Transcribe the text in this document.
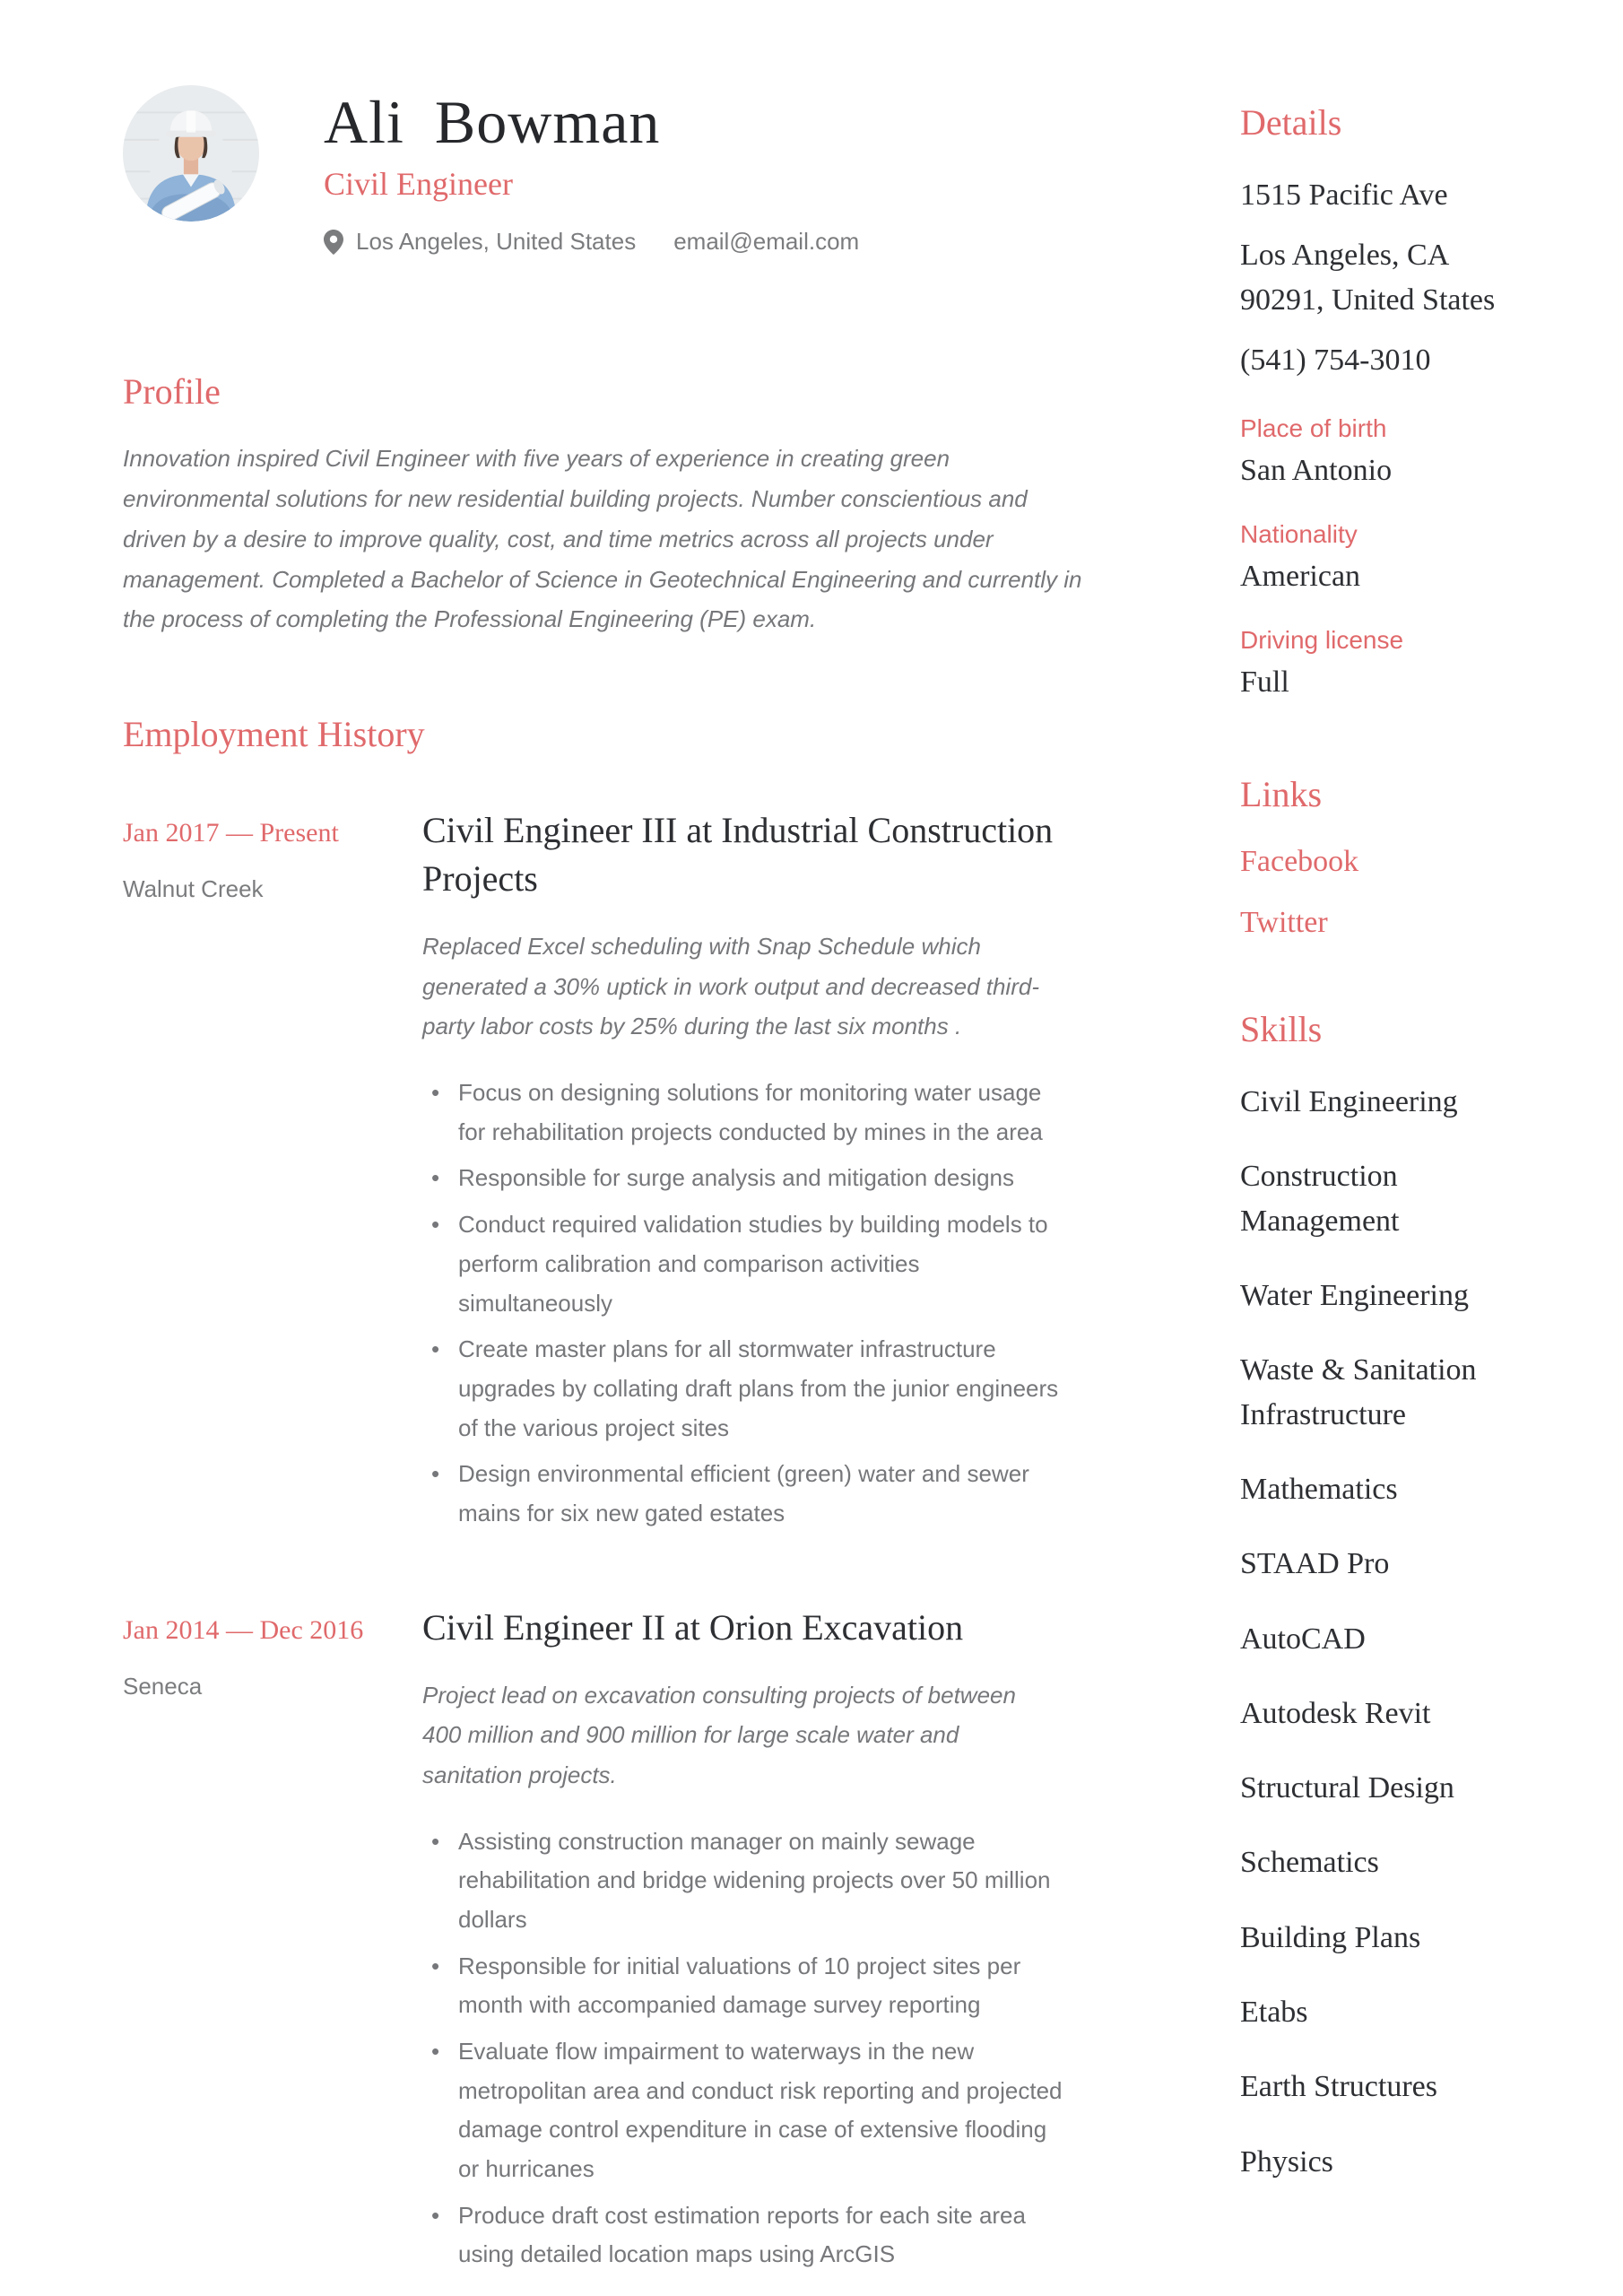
Ali Bowman
Civil Engineer
Los Angeles, United States email@email.com
Profile

Innovation inspired Civil Engineer with five years of experience in creating green environmental solutions for new residential building projects. Number conscientious and driven by a desire to improve quality, cost, and time metrics across all projects under management. Completed a Bachelor of Science in Geotechnical Engineering and currently in the process of completing the Professional Engineering (PE) exam.

Employment History
Jan 2017 — Present
Walnut Creek
Civil Engineer III at Industrial Construction Projects

Replaced Excel scheduling with Snap Schedule which generated a 30% uptick in work output and decreased third-party labor costs by 25% during the last six months .

• Focus on designing solutions for monitoring water usage for rehabilitation projects conducted by mines in the area
• Responsible for surge analysis and mitigation designs
• Conduct required validation studies by building models to perform calibration and comparison activities simultaneously
• Create master plans for all stormwater infrastructure upgrades by collating draft plans from the junior engineers of the various project sites
• Design environmental efficient (green) water and sewer mains for six new gated estates
Jan 2014 — Dec 2016
Seneca
Civil Engineer II at Orion Excavation

Project lead on excavation consulting projects of between 400 million and 900 million for large scale water and sanitation projects.

• Assisting construction manager on mainly sewage rehabilitation and bridge widening projects over 50 million dollars
• Responsible for initial valuations of 10 project sites per month with accompanied damage survey reporting
• Evaluate flow impairment to waterways in the new metropolitan area and conduct risk reporting and projected damage control expenditure in case of extensive flooding or hurricanes
• Produce draft cost estimation reports for each site area using detailed location maps using ArcGIS
Details
1515 Pacific Ave
Los Angeles, CA 90291, United States
(541) 754-3010
Place of birth
San Antonio
Nationality
American
Driving license
Full
Links
Facebook
Twitter
Skills
Civil Engineering
Construction Management
Water Engineering
Waste & Sanitation Infrastructure
Mathematics
STAAD Pro
AutoCAD
Autodesk Revit
Structural Design
Schematics
Building Plans
Etabs
Earth Structures
Physics
